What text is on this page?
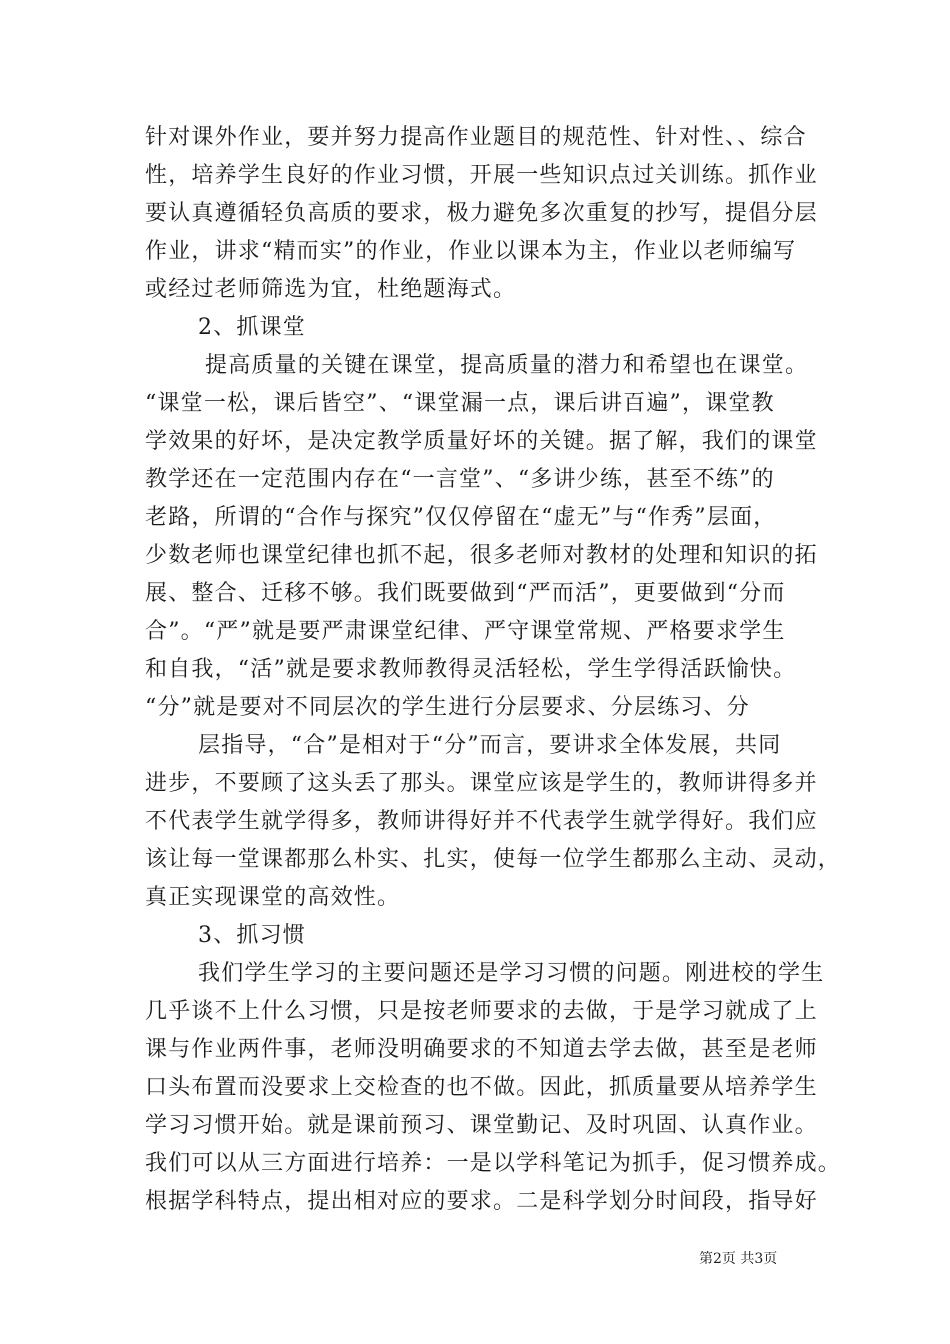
针对课外作业，要并努力提高作业题目的规范性、针对性、、综合
性，培养学生良好的作业习惯，开展一些知识点过关训练。抓作业
要认真遵循轻负高质的要求，极力避免多次重复的抄写，提倡分层
作业，讲求“精而实”的作业，作业以课本为主，作业以老师编写
或经过老师筛选为宜，杜绝题海式。
2、抓课堂
提高质量的关键在课堂，提高质量的潜力和希望也在课堂。
“课堂一松，课后皆空”、“课堂漏一点，课后讲百遍”，课堂教
学效果的好坏，是决定教学质量好坏的关键。据了解，我们的课堂
教学还在一定范围内存在“一言堂”、“多讲少练，甚至不练”的
老路，所谓的“合作与探究”仅仅停留在“虚无”与“作秀”层面，
少数老师也课堂纪律也抓不起，很多老师对教材的处理和知识的拓
展、整合、迁移不够。我们既要做到“严而活”，更要做到“分而
合”。“严”就是要严肃课堂纪律、严守课堂常规、严格要求学生
和自我，“活”就是要求教师教得灵活轻松，学生学得活跃愉快。
“分”就是要对不同层次的学生进行分层要求、分层练习、分
层指导，“合”是相对于“分”而言，要讲求全体发展，共同
进步，不要顾了这头丢了那头。课堂应该是学生的，教师讲得多并
不代表学生就学得多，教师讲得好并不代表学生就学得好。我们应
该让每一堂课都那么朴实、扎实，使每一位学生都那么主动、灵动，
真正实现课堂的高效性。
3、抓习惯
我们学生学习的主要问题还是学习习惯的问题。刚进校的学生
几乎谈不上什么习惯，只是按老师要求的去做，于是学习就成了上
课与作业两件事，老师没明确要求的不知道去学去做，甚至是老师
口头布置而没要求上交检查的也不做。因此，抓质量要从培养学生
学习习惯开始。就是课前预习、课堂勤记、及时巩固、认真作业。
我们可以从三方面进行培养：一是以学科笔记为抓手，促习惯养成。
根据学科特点，提出相对应的要求。二是科学划分时间段，指导好
第2页 共3页
